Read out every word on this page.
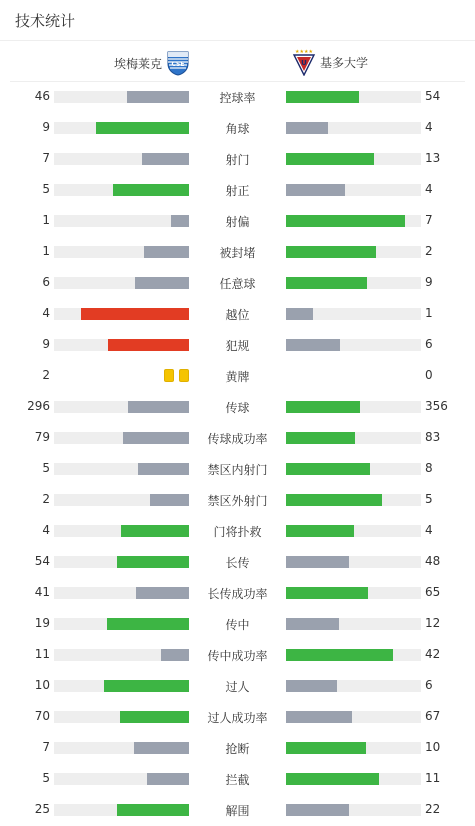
技术统计
埃梅莱克 CSE
★★★★
U 基多大学
46	控球率	54
9	角球	4
7	射门	13
5	射正	4
1	射偏	7
1	被封堵	2
6	任意球	9
4	越位	1
9	犯规	6
2	黄牌	0
296	传球	356
79	传球成功率	83
5	禁区内射门	8
2	禁区外射门	5
4	门将扑救	4
54	长传	48
41	长传成功率	65
19	传中	12
11	传中成功率	42
10	过人	6
70	过人成功率	67
7	抢断	10
5	拦截	11
25	解围	22
